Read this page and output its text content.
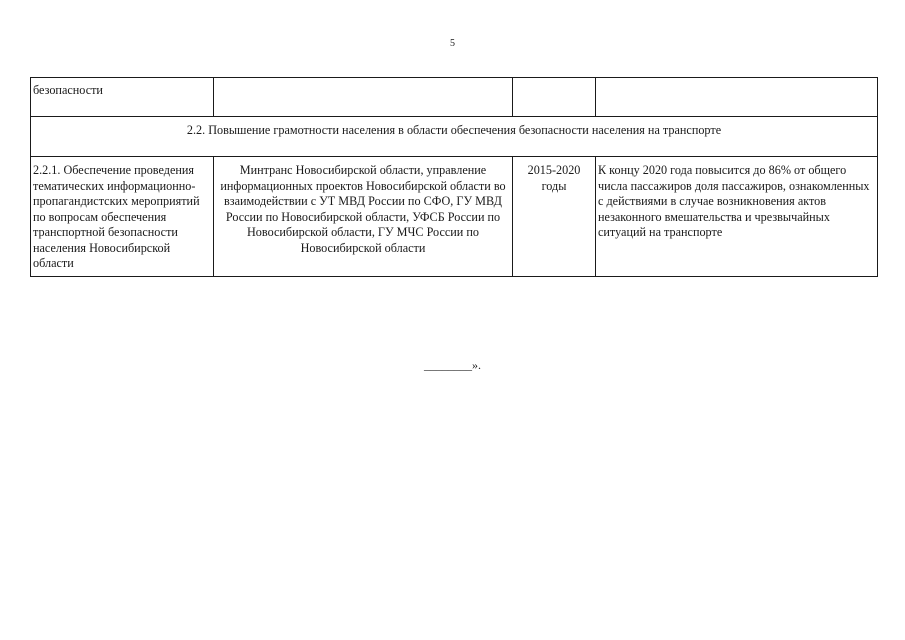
5
безопасности			
2.2. Повышение грамотности населения в области обеспечения безопасности населения на транспорте			
2.2.1. Обеспечение проведения тематических информационно-пропагандистских мероприятий по вопросам обеспечения транспортной безопасности населения Новосибирской области	Минтранс Новосибирской области, управление информационных проектов Новосибирской области во взаимодействии с УТ МВД России по СФО, ГУ МВД России по Новосибирской области, УФСБ России по Новосибирской области, ГУ МЧС России по Новосибирской области	2015-2020 годы	К концу 2020 года повысится до 86% от общего числа пассажиров доля пассажиров, ознакомленных с действиями в случае возникновения актов незаконного вмешательства и чрезвычайных ситуаций на транспорте
________».
